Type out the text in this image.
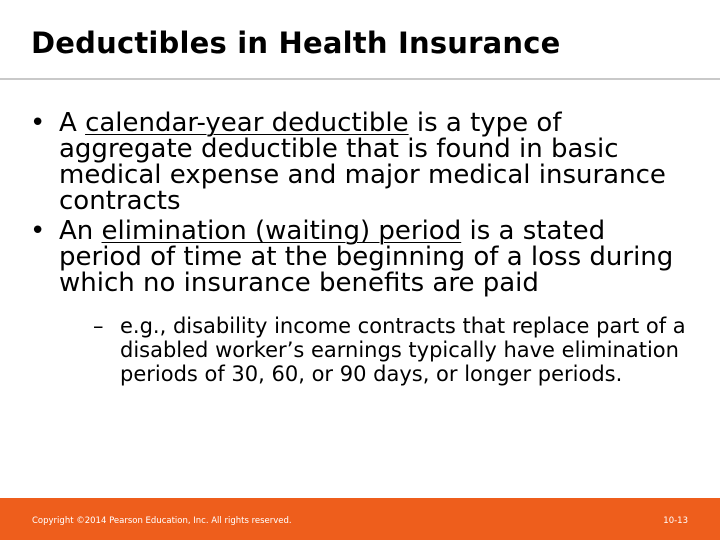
Deductibles in Health Insurance
• A calendar-year deductible is a type of aggregate deductible that is found in basic medical expense and major medical insurance contracts
• An elimination (waiting) period is a stated period of time at the beginning of a loss during which no insurance benefits are paid
– e.g., disability income contracts that replace part of a disabled worker’s earnings typically have elimination periods of 30, 60, or 90 days, or longer periods.
Copyright ©2014 Pearson Education, Inc. All rights reserved.	10-13
